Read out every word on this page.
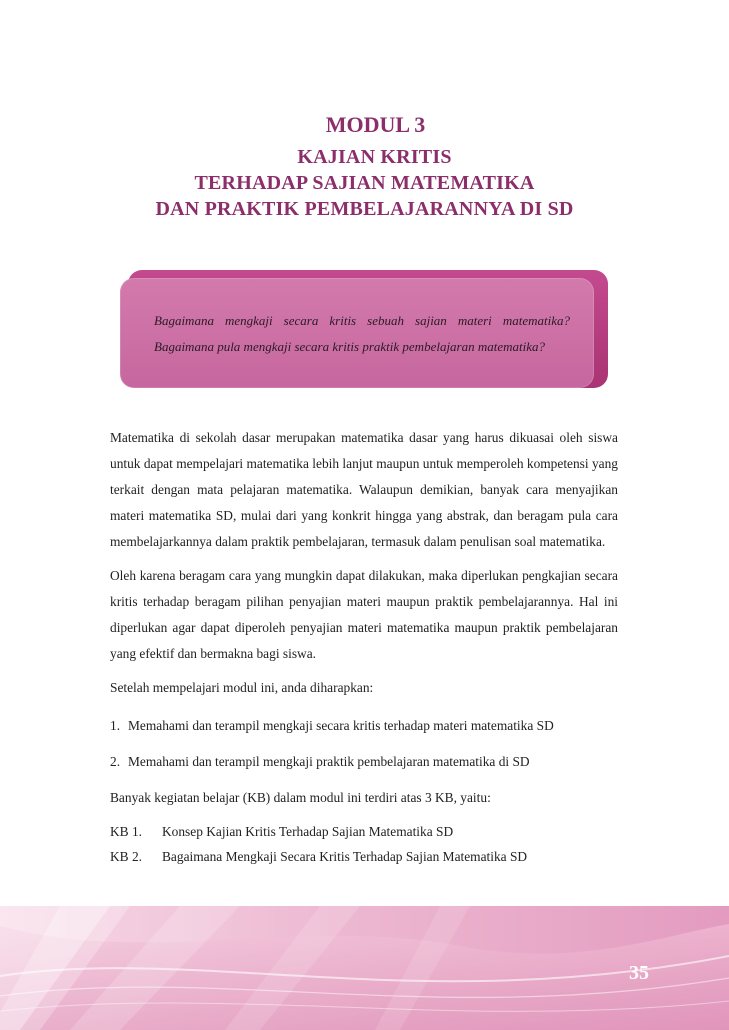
MODUL 3
KAJIAN KRITIS
TERHADAP SAJIAN MATEMATIKA
DAN PRAKTIK PEMBELAJARANNYA DI SD
Bagaimana mengkaji secara kritis sebuah sajian materi matematika? Bagaimana pula mengkaji secara kritis praktik pembelajaran matematika?

Matematika di sekolah dasar merupakan matematika dasar yang harus dikuasai oleh siswa untuk dapat mempelajari matematika lebih lanjut maupun untuk memperoleh kompetensi yang terkait dengan mata pelajaran matematika. Walaupun demikian, banyak cara menyajikan materi matematika SD, mulai dari yang konkrit hingga yang abstrak, dan beragam pula cara membelajarkannya dalam praktik pembelajaran, termasuk dalam penulisan soal matematika.

Oleh karena beragam cara yang mungkin dapat dilakukan, maka diperlukan pengkajian secara kritis terhadap beragam pilihan penyajian materi maupun praktik pembelajarannya. Hal ini diperlukan agar dapat diperoleh penyajian materi matematika maupun praktik pembelajaran yang efektif dan bermakna bagi siswa.

Setelah mempelajari modul ini, anda diharapkan:

1. Memahami dan terampil mengkaji secara kritis terhadap materi matematika SD
2. Memahami dan terampil mengkaji praktik pembelajaran matematika di SD

Banyak kegiatan belajar (KB) dalam modul ini terdiri atas 3 KB, yaitu:

KB 1.	Konsep Kajian Kritis Terhadap Sajian Matematika SD
KB 2.	Bagaimana Mengkaji Secara Kritis Terhadap Sajian Matematika SD
35
